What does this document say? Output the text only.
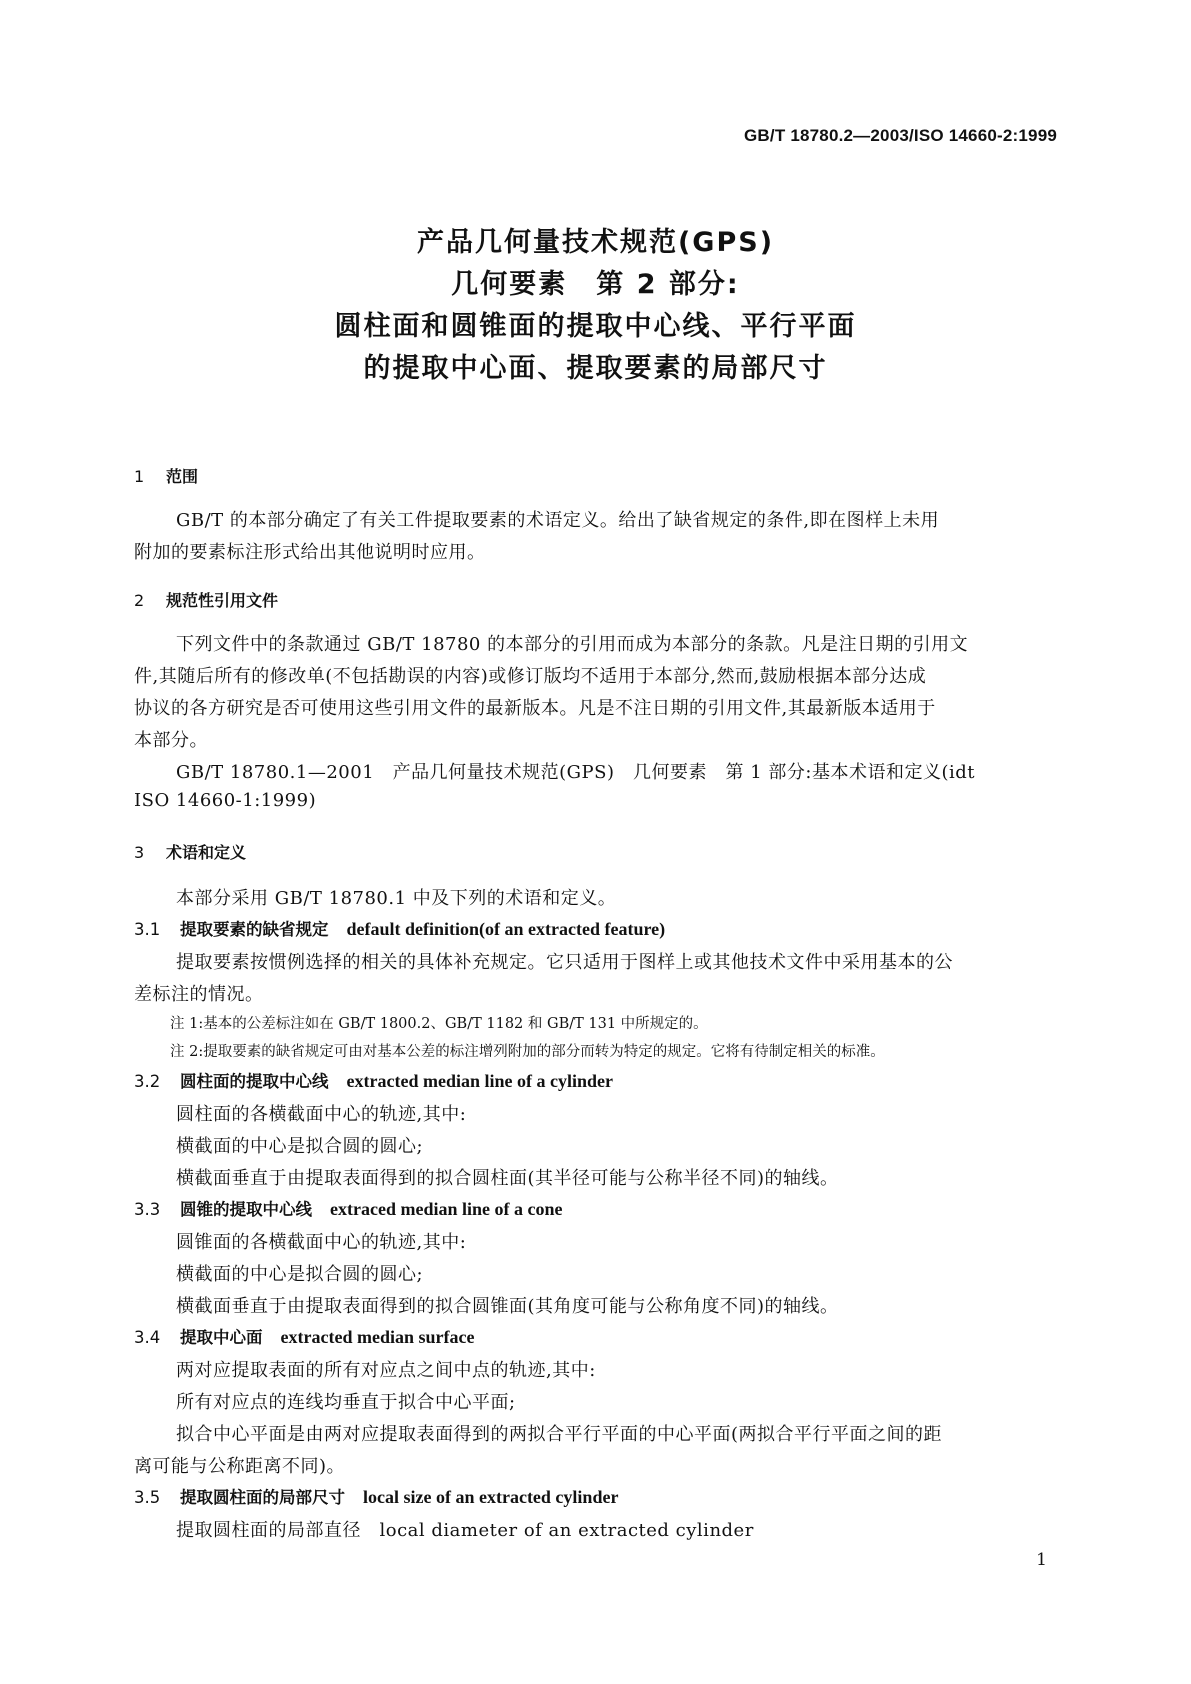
GB/T 18780.2—2003/ISO 14660-2:1999
产品几何量技术规范(GPS)
几何要素　第 2 部分:
圆柱面和圆锥面的提取中心线、平行平面
的提取中心面、提取要素的局部尺寸
1 范围
GB/T 的本部分确定了有关工件提取要素的术语定义。给出了缺省规定的条件,即在图样上未用
附加的要素标注形式给出其他说明时应用。
2 规范性引用文件
下列文件中的条款通过 GB/T 18780 的本部分的引用而成为本部分的条款。凡是注日期的引用文
件,其随后所有的修改单(不包括勘误的内容)或修订版均不适用于本部分,然而,鼓励根据本部分达成
协议的各方研究是否可使用这些引用文件的最新版本。凡是不注日期的引用文件,其最新版本适用于
本部分。
GB/T 18780.1—2001　产品几何量技术规范(GPS)　几何要素　第 1 部分:基本术语和定义(idt
ISO 14660-1:1999)
3 术语和定义
本部分采用 GB/T 18780.1 中及下列的术语和定义。
3.1 提取要素的缺省规定 default definition(of an extracted feature)
提取要素按惯例选择的相关的具体补充规定。它只适用于图样上或其他技术文件中采用基本的公
差标注的情况。
注 1:基本的公差标注如在 GB/T 1800.2、GB/T 1182 和 GB/T 131 中所规定的。
注 2:提取要素的缺省规定可由对基本公差的标注增列附加的部分而转为特定的规定。它将有待制定相关的标准。
3.2 圆柱面的提取中心线 extracted median line of a cylinder
圆柱面的各横截面中心的轨迹,其中:
横截面的中心是拟合圆的圆心;
横截面垂直于由提取表面得到的拟合圆柱面(其半径可能与公称半径不同)的轴线。
3.3 圆锥的提取中心线 extraced median line of a cone
圆锥面的各横截面中心的轨迹,其中:
横截面的中心是拟合圆的圆心;
横截面垂直于由提取表面得到的拟合圆锥面(其角度可能与公称角度不同)的轴线。
3.4 提取中心面 extracted median surface
两对应提取表面的所有对应点之间中点的轨迹,其中:
所有对应点的连线均垂直于拟合中心平面;
拟合中心平面是由两对应提取表面得到的两拟合平行平面的中心平面(两拟合平行平面之间的距
离可能与公称距离不同)。
3.5 提取圆柱面的局部尺寸 local size of an extracted cylinder
提取圆柱面的局部直径　local diameter of an extracted cylinder
1
